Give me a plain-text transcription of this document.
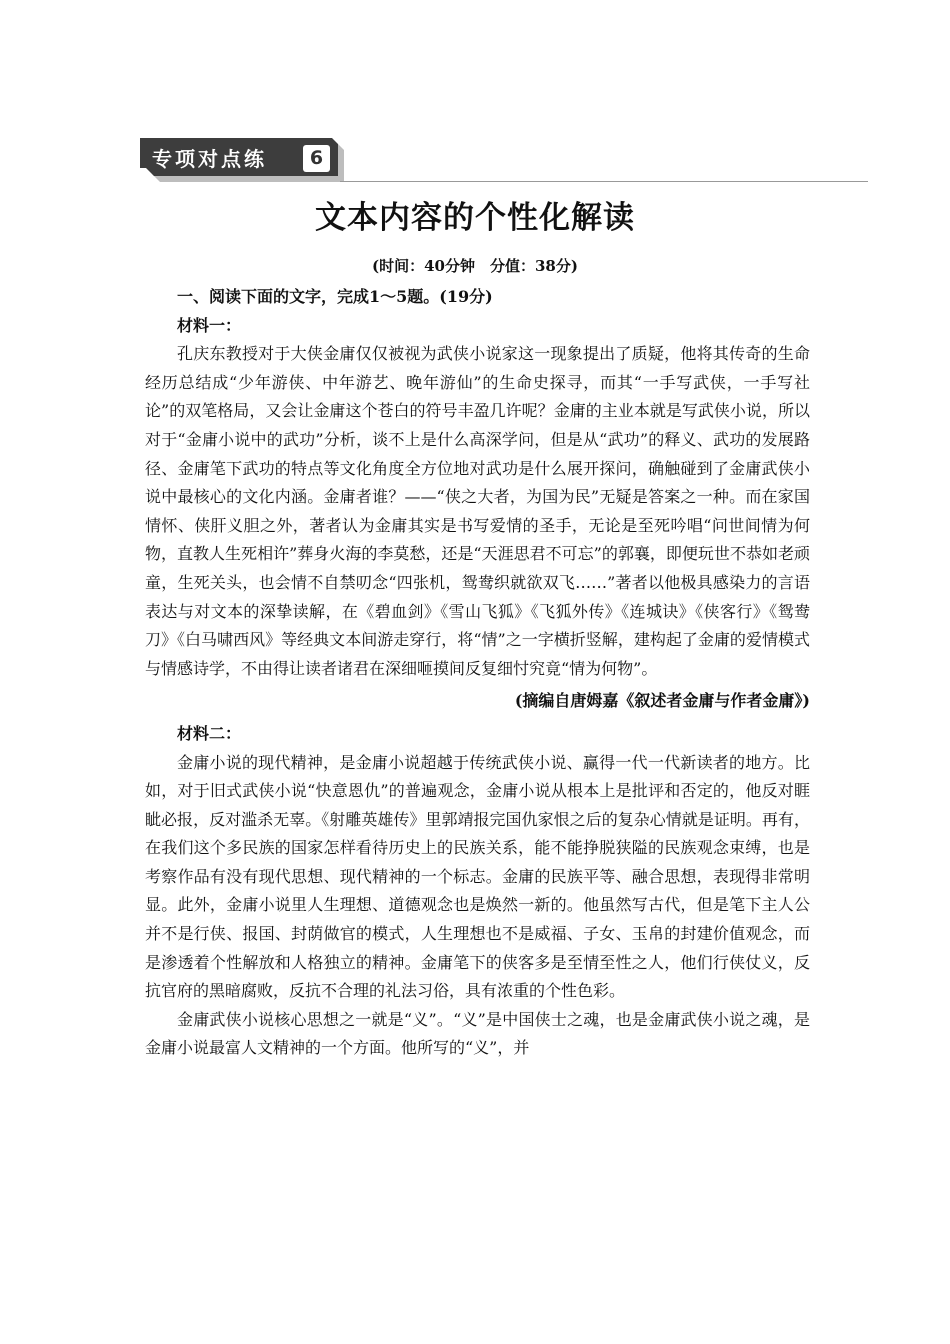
专项对点练	6
文本内容的个性化解读
(时间：40分钟　分值：38分)

一、阅读下面的文字，完成1～5题。(19分)

材料一：

孔庆东教授对于大侠金庸仅仅被视为武侠小说家这一现象提出了质疑，他将其传奇的生命经历总结成“少年游侠、中年游艺、晚年游仙”的生命史探寻，而其“一手写武侠，一手写社论”的双笔格局，又会让金庸这个苍白的符号丰盈几许呢？金庸的主业本就是写武侠小说，所以对于“金庸小说中的武功”分析，谈不上是什么高深学问，但是从“武功”的释义、武功的发展路径、金庸笔下武功的特点等文化角度全方位地对武功是什么展开探问，确触碰到了金庸武侠小说中最核心的文化内涵。金庸者谁？——“侠之大者，为国为民”无疑是答案之一种。而在家国情怀、侠肝义胆之外，著者认为金庸其实是书写爱情的圣手，无论是至死吟唱“问世间情为何物，直教人生死相许”葬身火海的李莫愁，还是“天涯思君不可忘”的郭襄，即便玩世不恭如老顽童，生死关头，也会情不自禁叨念“四张机，鸳鸯织就欲双飞……”著者以他极具感染力的言语表达与对文本的深挚读解，在《碧血剑》《雪山飞狐》《飞狐外传》《连城诀》《侠客行》《鸳鸯刀》《白马啸西风》等经典文本间游走穿行，将“情”之一字横折竖解，建构起了金庸的爱情模式与情感诗学，不由得让读者诸君在深细咂摸间反复细忖究竟“情为何物”。

(摘编自唐姆嘉《叙述者金庸与作者金庸》)

材料二：

金庸小说的现代精神，是金庸小说超越于传统武侠小说、赢得一代一代新读者的地方。比如，对于旧式武侠小说“快意恩仇”的普遍观念，金庸小说从根本上是批评和否定的，他反对睚眦必报，反对滥杀无辜。《射雕英雄传》里郭靖报完国仇家恨之后的复杂心情就是证明。再有，在我们这个多民族的国家怎样看待历史上的民族关系，能不能挣脱狭隘的民族观念束缚，也是考察作品有没有现代思想、现代精神的一个标志。金庸的民族平等、融合思想，表现得非常明显。此外，金庸小说里人生理想、道德观念也是焕然一新的。他虽然写古代，但是笔下主人公并不是行侠、报国、封荫做官的模式，人生理想也不是威福、子女、玉帛的封建价值观念，而是渗透着个性解放和人格独立的精神。金庸笔下的侠客多是至情至性之人，他们行侠仗义，反抗官府的黑暗腐败，反抗不合理的礼法习俗，具有浓重的个性色彩。

金庸武侠小说核心思想之一就是“义”。“义”是中国侠士之魂，也是金庸武侠小说之魂，是金庸小说最富人文精神的一个方面。他所写的“义”，并
